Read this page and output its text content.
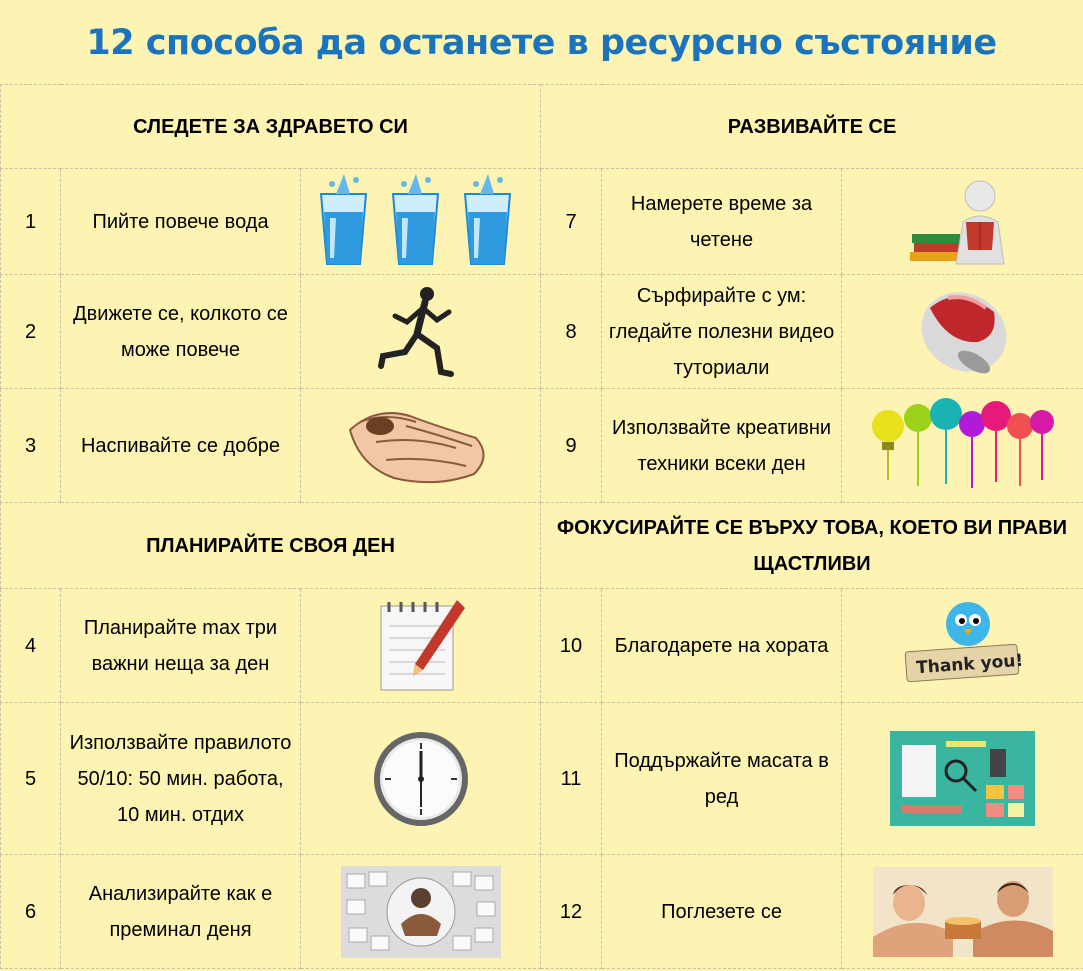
12 способа да останете в ресурсно състояние
СЛЕДЕТЕ ЗА ЗДРАВЕТО СИ			РАЗВИВАЙТЕ СЕ		
1	Пийте повече вода		7	Намерете време за четене	

2	Движете се, колкото се може повече		8	Сърфирайте с ум: гледайте полезни видео туториали	

3	Наспивайте се добре		9	Използвайте креативни техники всеки ден	

ПЛАНИРАЙТЕ СВОЯ ДЕН			ФОКУСИРАЙТЕ СЕ ВЪРХУ ТОВА, КОЕТО ВИ ПРАВИ ЩАСТЛИВИ		
4	Планирайте max три важни неща за ден		10	Благодарете на хората	Thank you!

5	Използвайте правилото 50/10: 50 мин. работа, 10 мин. отдих		11	Поддържайте масата в ред	

6	Анализирайте как е преминал деня		12	Поглезете се	
